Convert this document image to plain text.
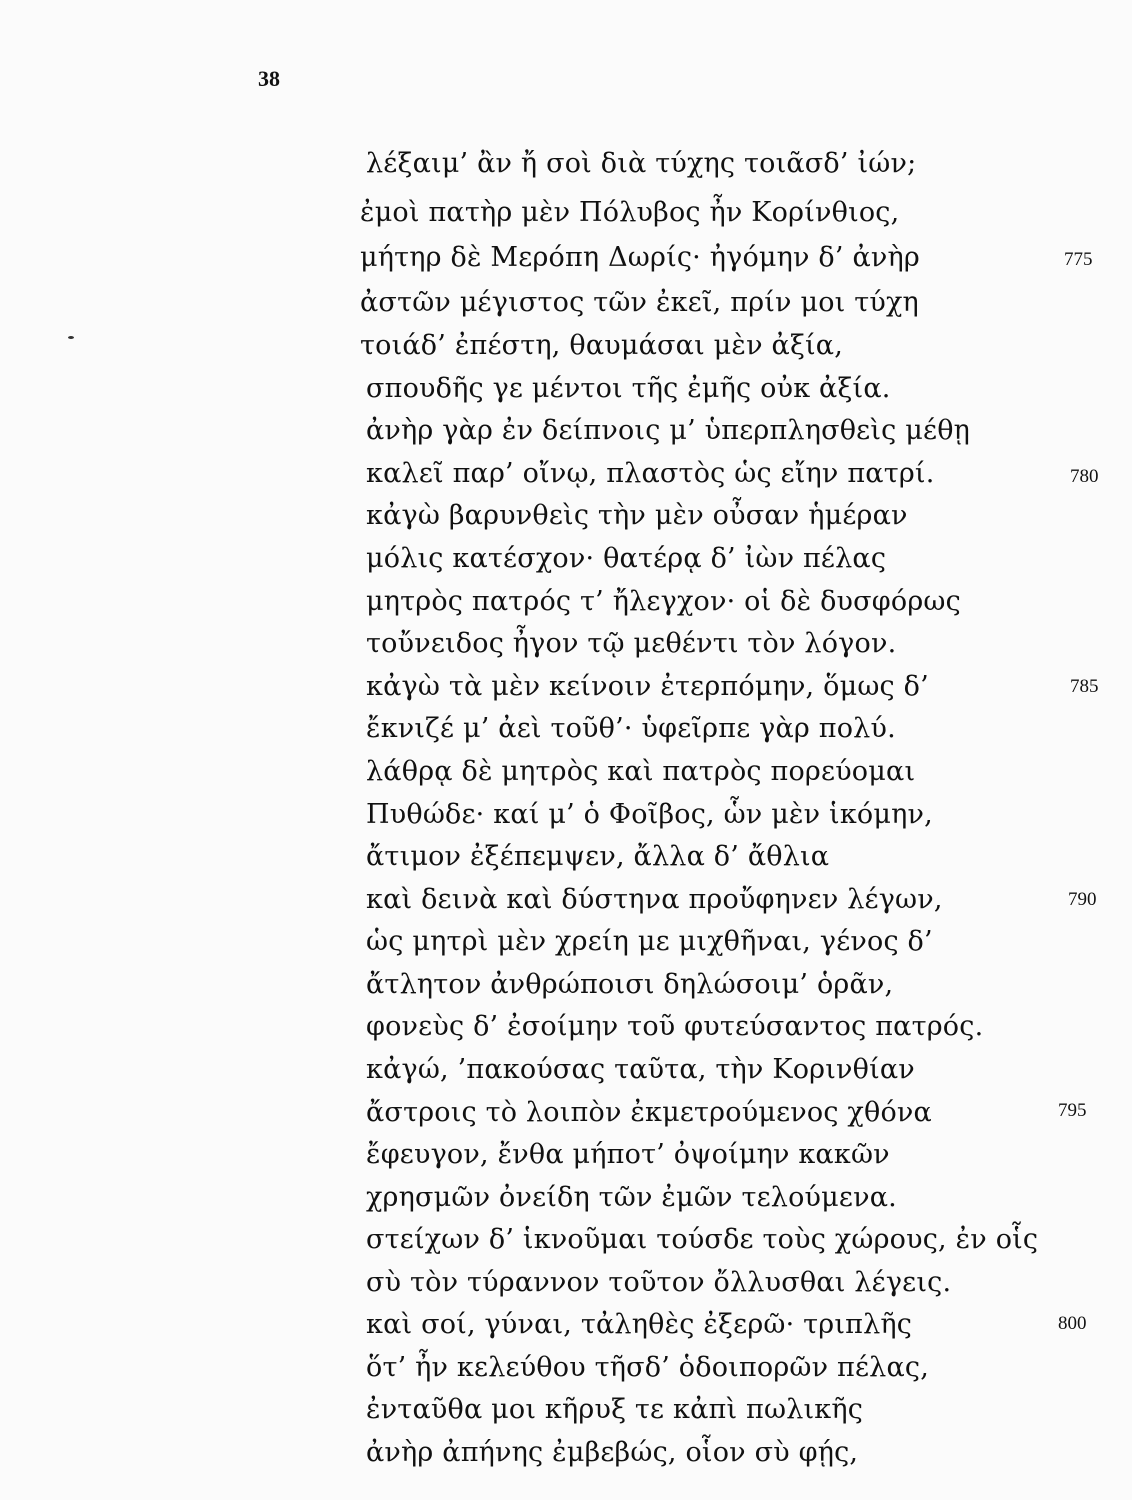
38
λέξαιμ’ ἂν ἤ σοὶ διὰ τύχης τοιᾶσδ’ ἰών;
ἐμοὶ πατὴρ μὲν Πόλυβος ἦν Κορίνθιος,
μήτηρ δὲ Μερόπη Δωρίς· ἠγόμην δ’ ἀνὴρ
ἀστῶν μέγιστος τῶν ἐκεῖ, πρίν μοι τύχη
τοιάδ’ ἐπέστη, θαυμάσαι μὲν ἀξία,
σπουδῆς γε μέντοι τῆς ἐμῆς οὐκ ἀξία.
ἀνὴρ γὰρ ἐν δείπνοις μ’ ὑπερπλησθεὶς μέθῃ
καλεῖ παρ’ οἴνῳ, πλαστὸς ὡς εἴην πατρί.
κἀγὼ βαρυνθεὶς τὴν μὲν οὖσαν ἡμέραν
μόλις κατέσχον· θατέρᾳ δ’ ἰὼν πέλας
μητρὸς πατρός τ’ ἤλεγχον· οἱ δὲ δυσφόρως
τοὔνειδος ἦγον τῷ μεθέντι τὸν λόγον.
κἀγὼ τὰ μὲν κείνοιν ἐτερπόμην, ὅμως δ’
ἔκνιζέ μ’ ἀεὶ τοῦθ’· ὑφεῖρπε γὰρ πολύ.
λάθρᾳ δὲ μητρὸς καὶ πατρὸς πορεύομαι
Πυθώδε· καί μ’ ὁ Φοῖβος, ὧν μὲν ἱκόμην,
ἄτιμον ἐξέπεμψεν, ἄλλα δ’ ἄθλια
καὶ δεινὰ καὶ δύστηνα προὔφηνεν λέγων,
ὡς μητρὶ μὲν χρείη με μιχθῆναι, γένος δ’
ἄτλητον ἀνθρώποισι δηλώσοιμ’ ὁρᾶν,
φονεὺς δ’ ἐσοίμην τοῦ φυτεύσαντος πατρός.
κἀγώ, ’πακούσας ταῦτα, τὴν Κορινθίαν
ἄστροις τὸ λοιπὸν ἐκμετρούμενος χθόνα
ἔφευγον, ἔνθα μήποτ’ ὀψοίμην κακῶν
χρησμῶν ὀνείδη τῶν ἐμῶν τελούμενα.
στείχων δ’ ἱκνοῦμαι τούσδε τοὺς χώρους, ἐν οἷς
σὺ τὸν τύραννον τοῦτον ὄλλυσθαι λέγεις.
καὶ σοί, γύναι, τἀληθὲς ἐξερῶ· τριπλῆς
ὅτ’ ἦν κελεύθου τῆσδ’ ὁδοιπορῶν πέλας,
ἐνταῦθα μοι κῆρυξ τε κἀπὶ πωλικῆς
ἀνὴρ ἀπήνης ἐμβεβώς, οἷον σὺ φῄς,
775
780
785
790
795
800
